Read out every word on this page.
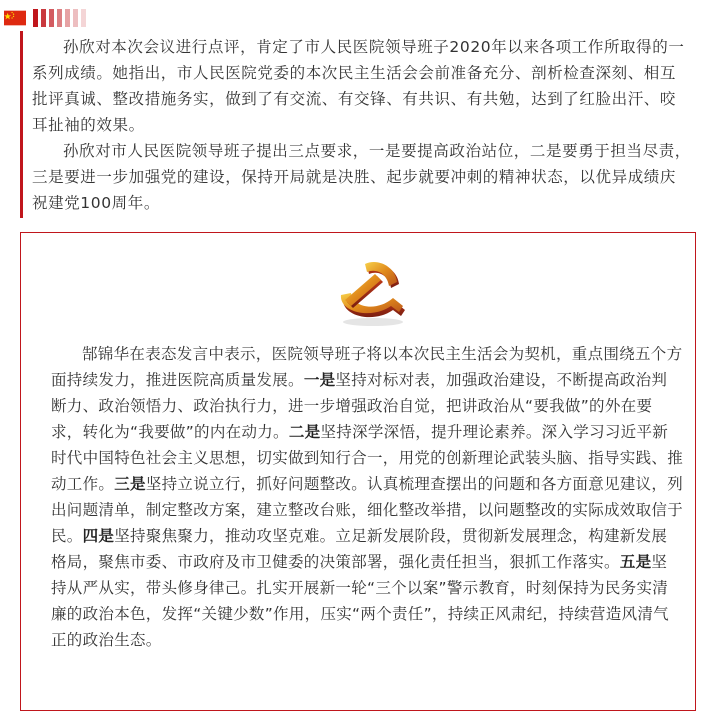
孙欣对本次会议进行点评，肯定了市人民医院领导班子2020年以来各项工作所取得的一系列成绩。她指出，市人民医院党委的本次民主生活会会前准备充分、剖析检查深刻、相互批评真诚、整改措施务实，做到了有交流、有交锋、有共识、有共勉，达到了红脸出汗、咬耳扯袖的效果。

孙欣对市人民医院领导班子提出三点要求，一是要提高政治站位，二是要勇于担当尽责，三是要进一步加强党的建设，保持开局就是决胜、起步就要冲刺的精神状态，以优异成绩庆祝建党100周年。

郜锦华在表态发言中表示，医院领导班子将以本次民主生活会为契机，重点围绕五个方面持续发力，推进医院高质量发展。一是坚持对标对表，加强政治建设，不断提高政治判断力、政治领悟力、政治执行力，进一步增强政治自觉，把讲政治从“要我做”的外在要求，转化为“我要做”的内在动力。二是坚持深学深悟，提升理论素养。深入学习习近平新时代中国特色社会主义思想，切实做到知行合一，用党的创新理论武装头脑、指导实践、推动工作。三是坚持立说立行，抓好问题整改。认真梳理查摆出的问题和各方面意见建议，列出问题清单，制定整改方案，建立整改台账，细化整改举措，以问题整改的实际成效取信于民。四是坚持聚焦聚力，推动攻坚克难。立足新发展阶段，贯彻新发展理念，构建新发展格局，聚焦市委、市政府及市卫健委的决策部署，强化责任担当，狠抓工作落实。五是坚持从严从实，带头修身律己。扎实开展新一轮“三个以案”警示教育，时刻保持为民务实清廉的政治本色，发挥“关键少数”作用，压实“两个责任”，持续正风肃纪，持续营造风清气正的政治生态。
